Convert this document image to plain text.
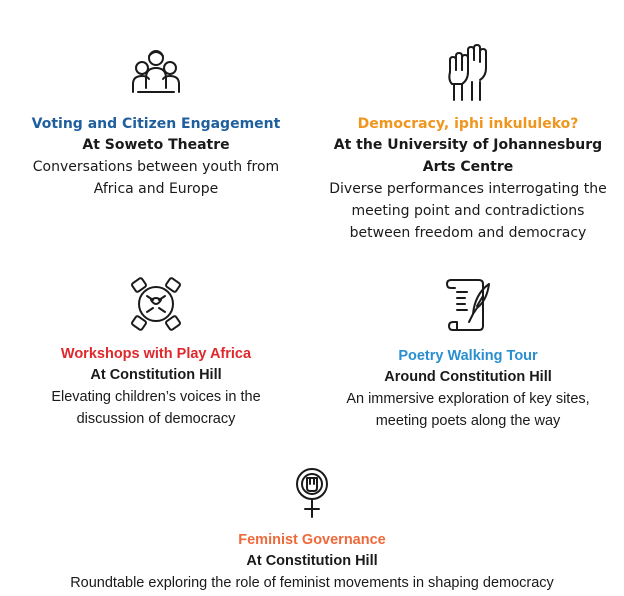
Voting and Citizen Engagement
At Soweto Theatre
Conversations between youth from
Africa and Europe
Democracy, iphi inkululeko?
At the University of Johannesburg
Arts Centre
Diverse performances interrogating the
meeting point and contradictions
between freedom and democracy
Workshops with Play Africa
At Constitution Hill
Elevating children’s voices in the
discussion of democracy
Poetry Walking Tour
Around Constitution Hill
An immersive exploration of key sites,
meeting poets along the way
Feminist Governance
At Constitution Hill
Roundtable exploring the role of feminist movements in shaping democracy
